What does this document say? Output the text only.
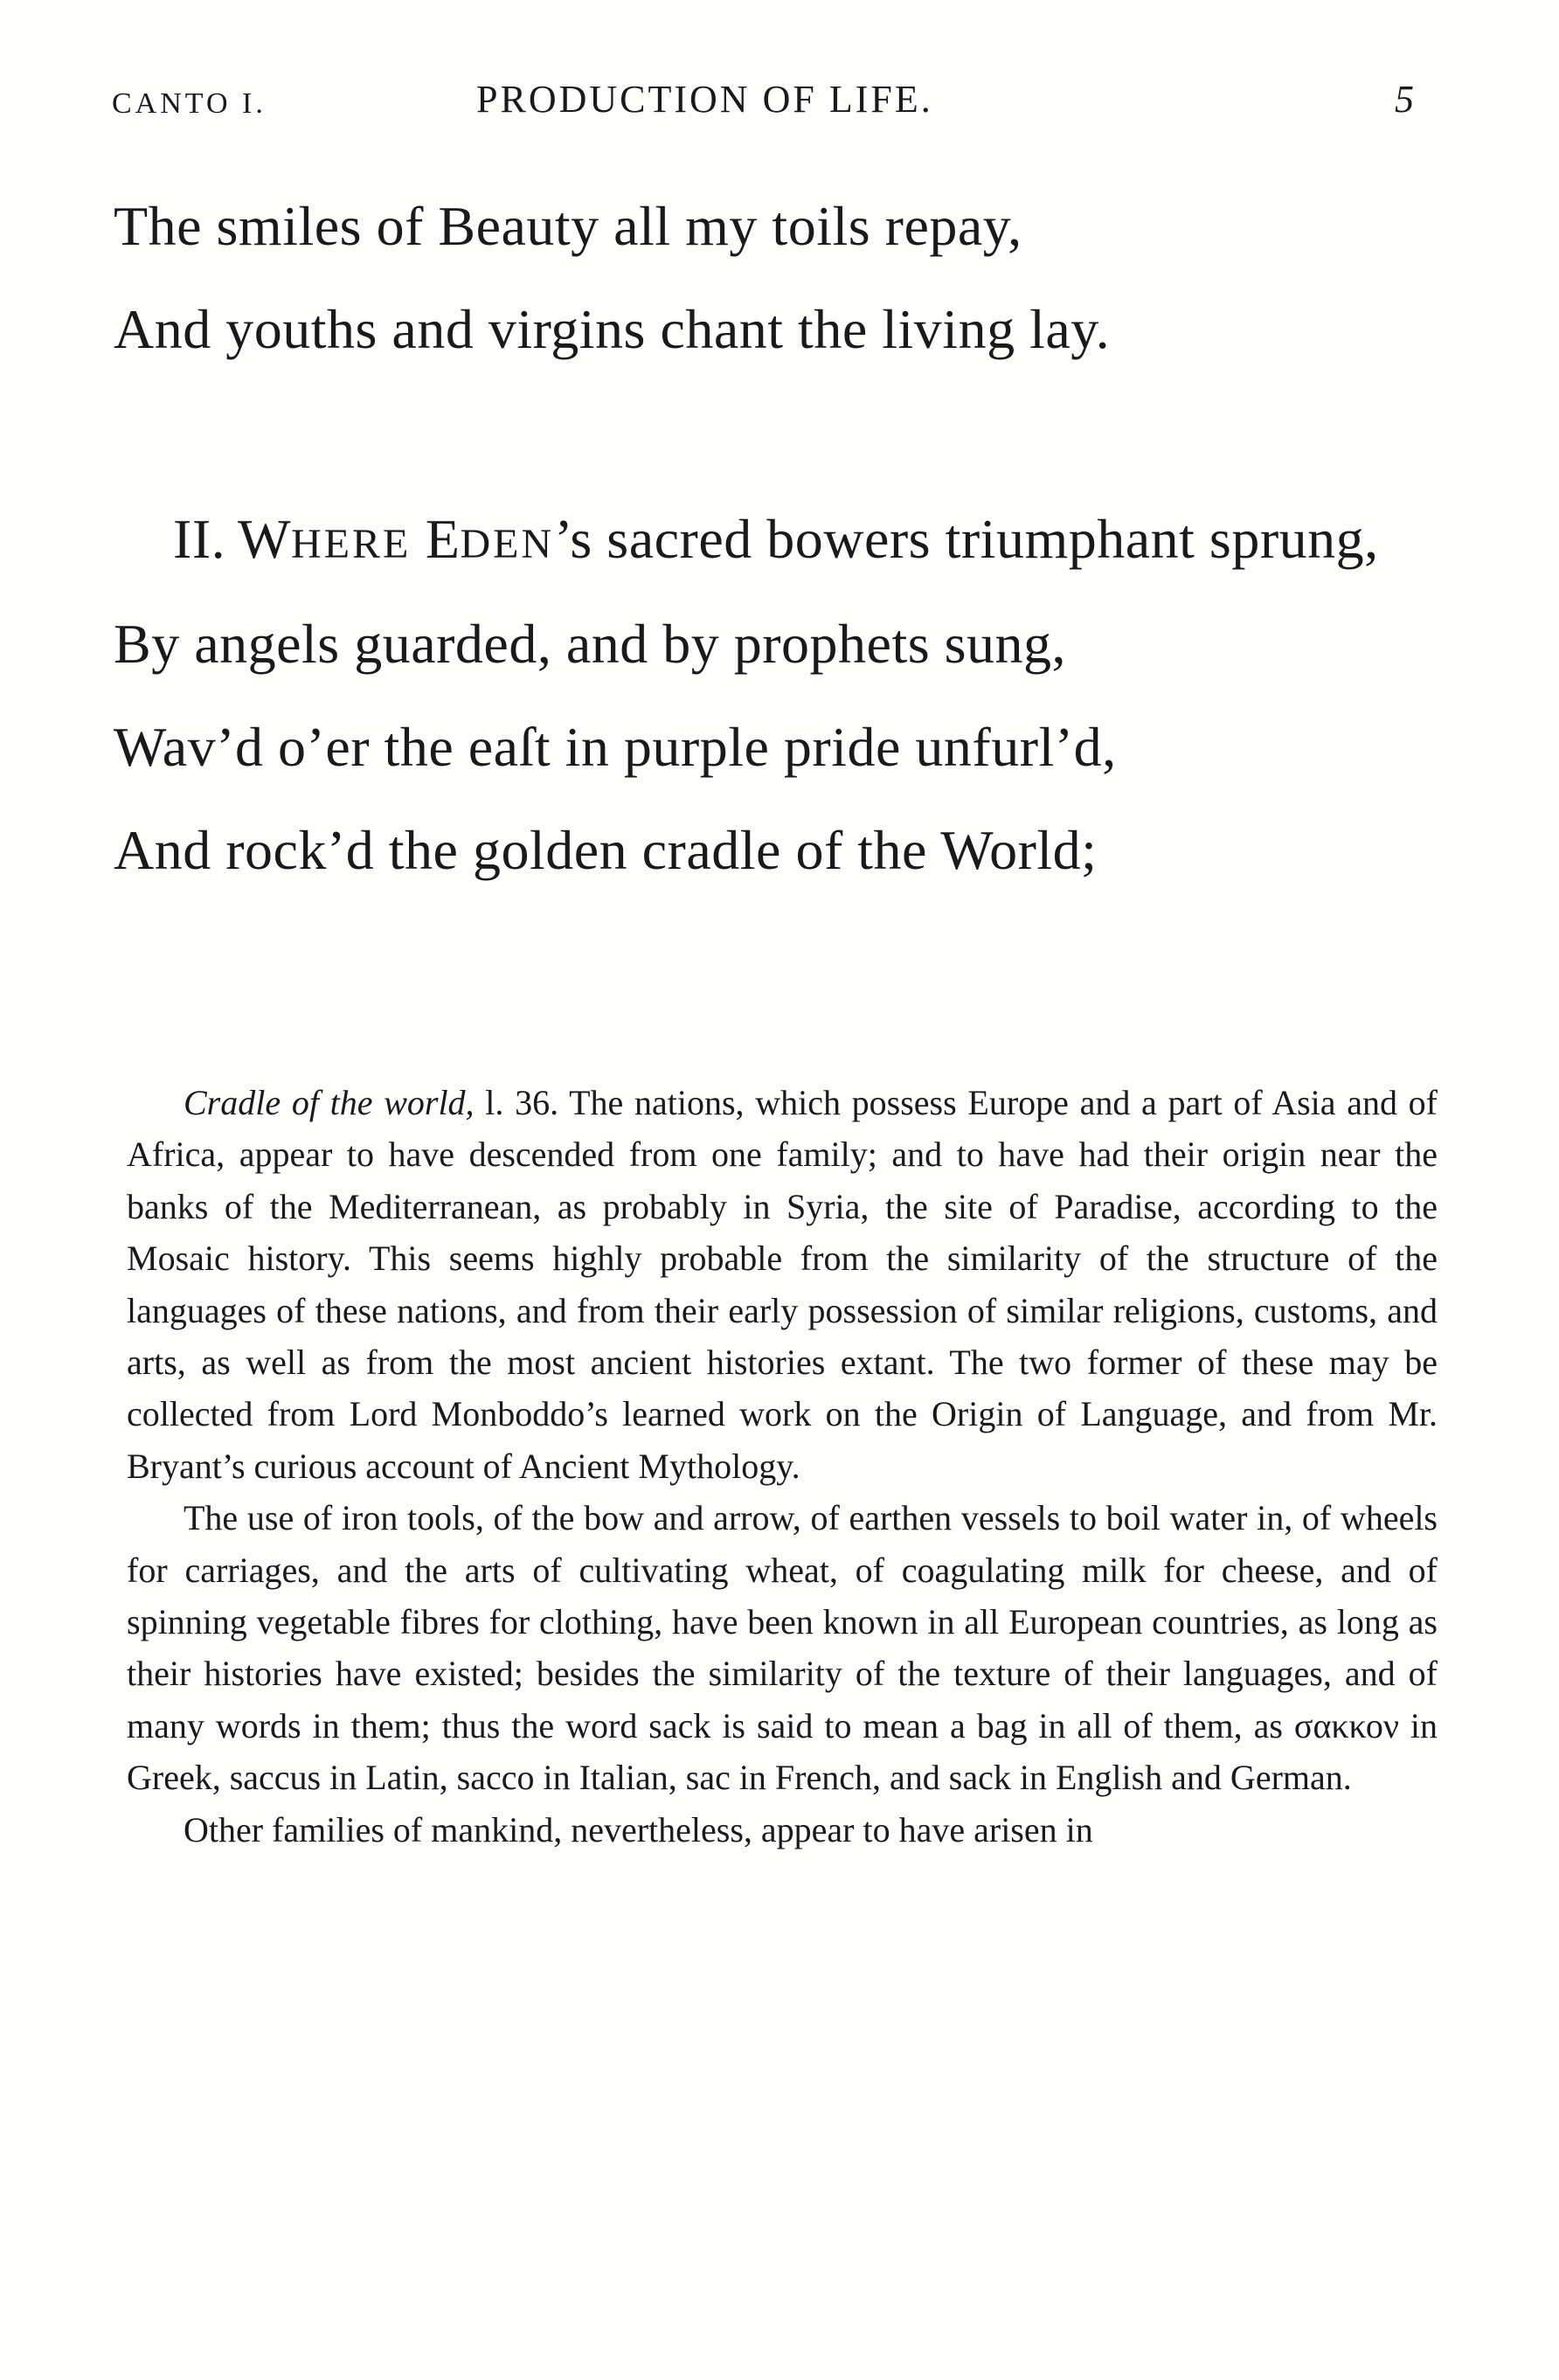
CANTO I.	PRODUCTION OF LIFE.	5
The smiles of Beauty all my toils repay,
And youths and virgins chant the living lay.
II. WHERE EDEN’s sacred bowers triumphant sprung,
By angels guarded, and by prophets sung,
Wav’d o’er the eaſt in purple pride unfurl’d,
And rock’d the golden cradle of the World;

Cradle of the world, l. 36. The nations, which possess Europe and a part of Asia and of Africa, appear to have descended from one family; and to have had their origin near the banks of the Mediterranean, as probably in Syria, the site of Paradise, according to the Mosaic history. This seems highly probable from the similarity of the structure of the languages of these nations, and from their early possession of similar religions, customs, and arts, as well as from the most ancient histories extant. The two former of these may be collected from Lord Monboddo’s learned work on the Origin of Language, and from Mr. Bryant’s curious account of Ancient Mythology.

The use of iron tools, of the bow and arrow, of earthen vessels to boil water in, of wheels for carriages, and the arts of cultivating wheat, of coagulating milk for cheese, and of spinning vegetable fibres for clothing, have been known in all European countries, as long as their histories have existed; besides the similarity of the texture of their languages, and of many words in them; thus the word sack is said to mean a bag in all of them, as σακκον in Greek, saccus in Latin, sacco in Italian, sac in French, and sack in English and German.

Other families of mankind, nevertheless, appear to have arisen in
